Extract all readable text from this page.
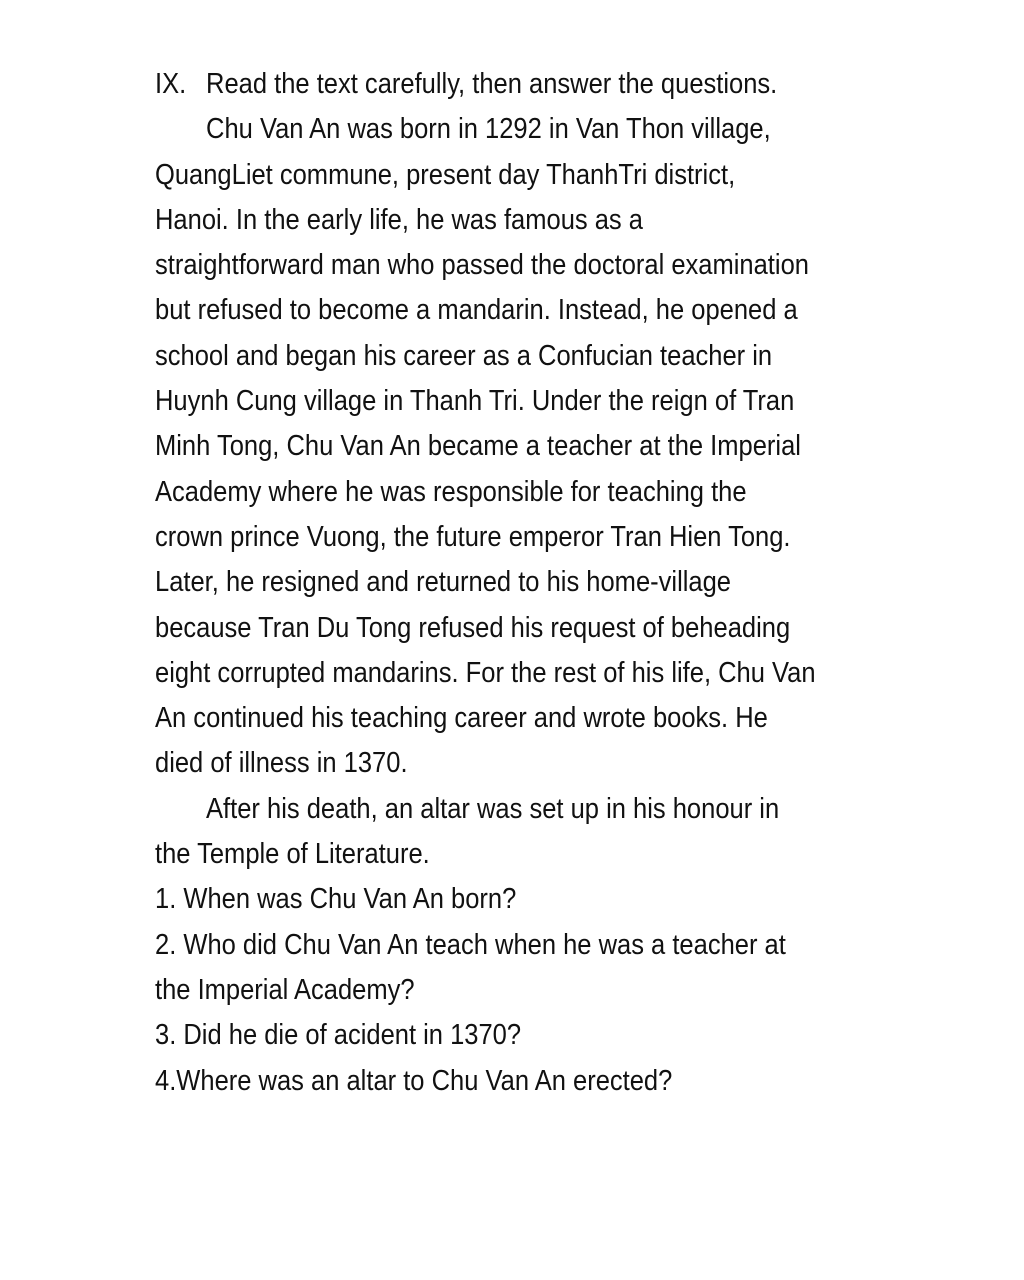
IX. Read the text carefully, then answer the questions.
Chu Van An was born in 1292 in Van Thon village,
QuangLiet commune, present day ThanhTri district,
Hanoi. In the early life, he was famous as a
straightforward man who passed the doctoral examination
but refused to become a mandarin. Instead, he opened a
school and began his career as a Confucian teacher in
Huynh Cung village in Thanh Tri. Under the reign of Tran
Minh Tong, Chu Van An became a teacher at the Imperial
Academy where he was responsible for teaching the
crown prince Vuong, the future emperor Tran Hien Tong.
Later, he resigned and returned to his home-village
because Tran Du Tong refused his request of beheading
eight corrupted mandarins. For the rest of his life, Chu Van
An continued his teaching career and wrote books. He
died of illness in 1370.
After his death, an altar was set up in his honour in
the Temple of Literature.
1. When was Chu Van An born?
2. Who did Chu Van An teach when he was a teacher at
the Imperial Academy?
3. Did he die of acident in 1370?
4.Where was an altar to Chu Van An erected?
